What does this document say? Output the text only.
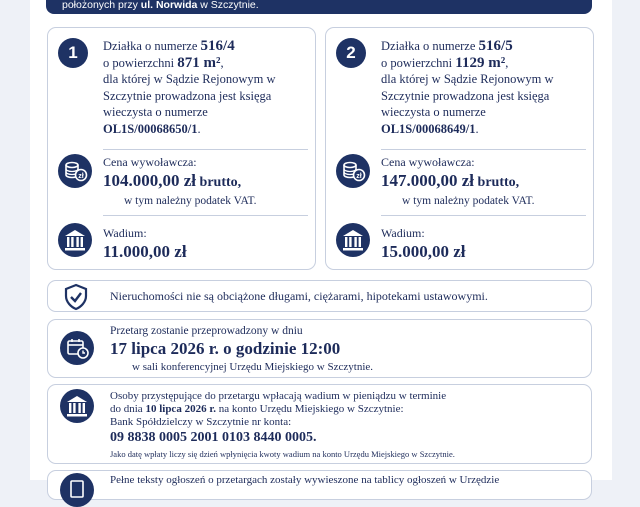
położonych przy ul. Norwida w Szczytnie.
1	Działka o numerze 516/4
o powierzchni 871 m²,
dla której w Sądzie Rejonowym w Szczytnie prowadzona jest księga wieczysta o numerze
OL1S/00068650/1.
zł
Cena wywoławcza:
104.000,00 zł brutto,
w tym należny podatek VAT.
Wadium:
11.000,00 zł
2	Działka o numerze 516/5
o powierzchni 1129 m²,
dla której w Sądzie Rejonowym w Szczytnie prowadzona jest księga wieczysta o numerze
OL1S/00068649/1.
zł
Cena wywoławcza:
147.000,00 zł brutto,
w tym należny podatek VAT.
Wadium:
15.000,00 zł
Nieruchomości nie są obciążone długami, ciężarami, hipotekami ustawowymi.
Przetarg zostanie przeprowadzony w dniu
17 lipca 2026 r. o godzinie 12:00
w sali konferencyjnej Urzędu Miejskiego w Szczytnie.
Osoby przystępujące do przetargu wpłacają wadium w pieniądzu w terminie
do dnia 10 lipca 2026 r. na konto Urzędu Miejskiego w Szczytnie:
Bank Spółdzielczy w Szczytnie nr konta:
09 8838 0005 2001 0103 8440 0005.
Jako datę wpłaty liczy się dzień wpłynięcia kwoty wadium na konto Urzędu Miejskiego w Szczytnie.
Pełne teksty ogłoszeń o przetargach zostały wywieszone na tablicy ogłoszeń w Urzędzie
